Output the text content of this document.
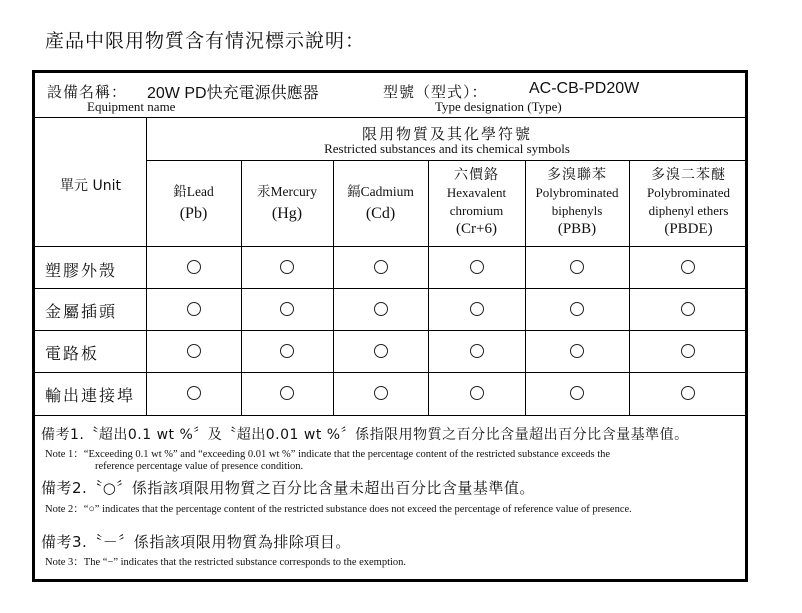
產品中限用物質含有情況標示說明：
設備名稱： 20W PD快充電源供應器
Equipment name
型號（型式）：	AC-CB-PD20W
Type designation (Type)
單元 Unit
限用物質及其化學符號
Restricted substances and its chemical symbols
鉛Lead
(Pb)
汞Mercury
(Hg)
鎘Cadmium
(Cd)
六價鉻
Hexavalent
chromium
(Cr+6)
多溴聯苯
Polybrominated
biphenyls
(PBB)
多溴二苯醚
Polybrominated
diphenyl ethers
(PBDE)
塑膠外殼
金屬插頭
電路板
輸出連接埠
備考1.〝超出0.1 wt %〞及〝超出0.01 wt %〞係指限用物質之百分比含量超出百分比含量基準值。
Note 1：“Exceeding 0.1 wt %” and “exceeding 0.01 wt %” indicate that the percentage content of the restricted substance exceeds the
reference percentage value of presence condition.
備考2.〝○〞係指該項限用物質之百分比含量未超出百分比含量基準值。
Note 2：“○” indicates that the percentage content of the restricted substance does not exceed the percentage of reference value of presence.
備考3.〝－〞係指該項限用物質為排除項目。
Note 3：The “−” indicates that the restricted substance corresponds to the exemption.
